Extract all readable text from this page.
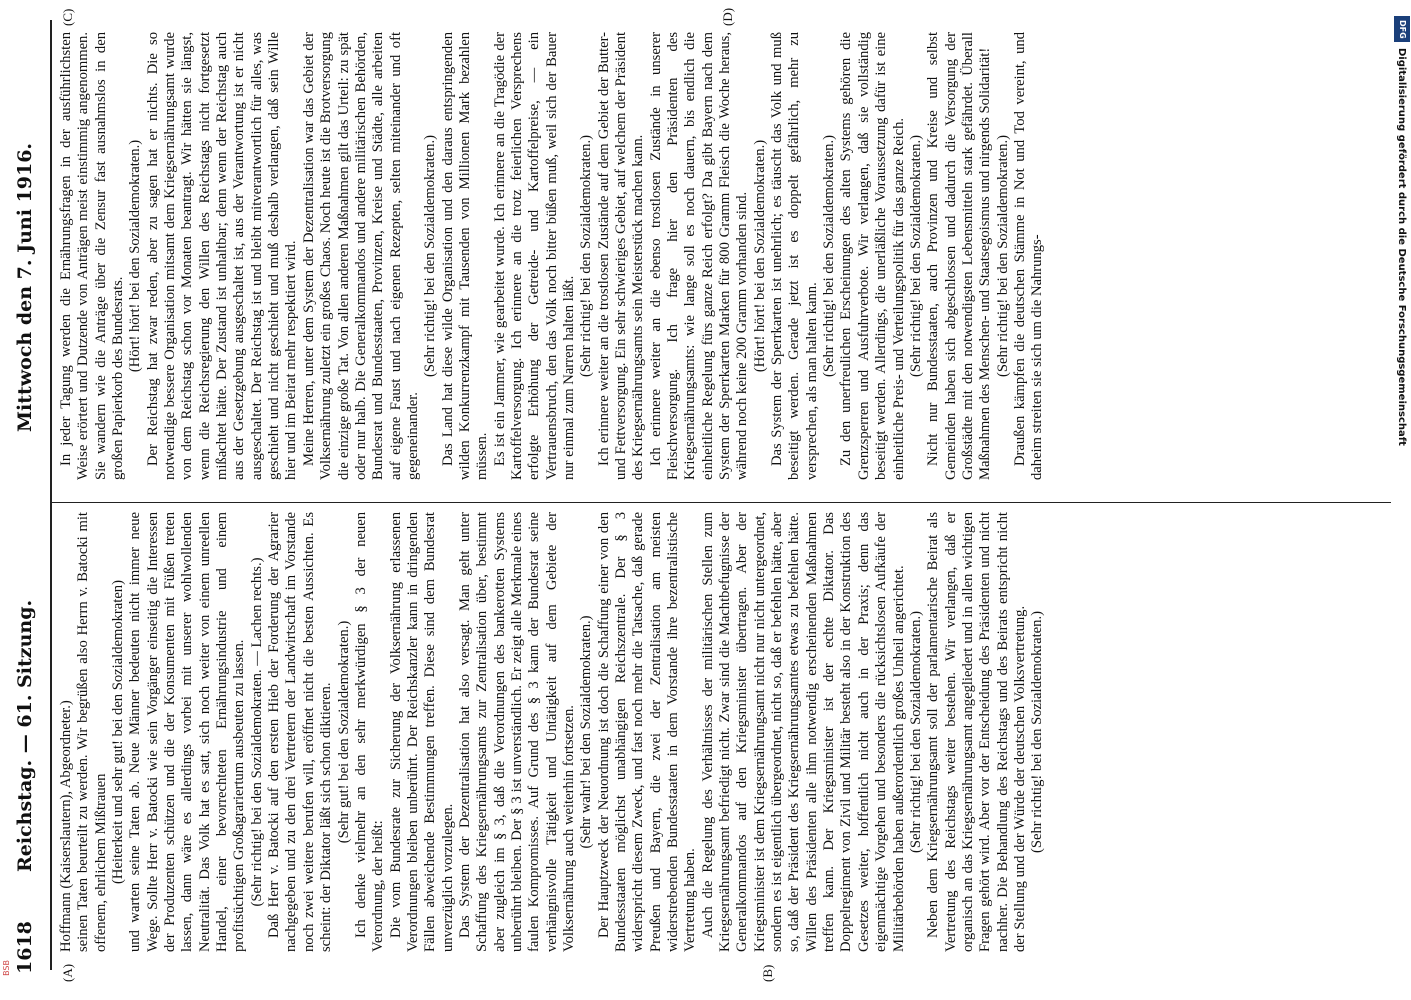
1618
Reichstag. — 61. Sitzung.
Mittwoch den 7. Juni 1916.
(A)	(B)
(C)	(D)

Hoffmann (Kaiserslautern), Abgeordneter.) seinen Taten beurteilt zu werden. Wir begrüßen also Herrn v. Batocki mit offenem, ehrlichem Mißtrauen (Heiterkeit und sehr gut! bei den Sozialdemokraten) und warten seine Taten ab. Neue Männer bedeuten nicht immer neue Wege. Sollte Herr v. Batocki wie sein Vorgänger einseitig die Interessen der Produzenten schützen und die der Konsumenten mit Füßen treten lassen, dann wäre es allerdings vorbei mit unserer wohlwollenden Neutralität. Das Volk hat es satt, sich noch weiter von einem unreellen Handel, einer bevorrechteten Ernährungsindustrie und einem profitsüchtigen Großagrariertum ausbeuten zu lassen. (Sehr richtig! bei den Sozialdemokraten. — Lachen rechts.) Daß Herr v. Batocki auf den ersten Hieb der Forderung der Agrarier nachgegeben und zu den drei Vertretern der Landwirtschaft im Vorstande noch zwei weitere berufen will, eröffnet nicht die besten Aussichten. Es scheint: der Diktator läßt sich schon diktieren. (Sehr gut! bei den Sozialdemokraten.) Ich denke vielmehr an den sehr merkwürdigen § 3 der neuen Verordnung, der heißt: Die vom Bundesrate zur Sicherung der Volksernährung erlassenen Verordnungen bleiben unberührt. Der Reichskanzler kann in dringenden Fällen abweichende Bestimmungen treffen. Diese sind dem Bundesrat unverzüglich vorzulegen. Das System der Dezentralisation hat also versagt. Man geht unter Schaffung des Kriegsernährungsamts zur Zentralisation über, bestimmt aber zugleich im § 3, daß die Verordnungen des bankerotten Systems unberührt bleiben. Der § 3 ist unverständlich. Er zeigt alle Merkmale eines faulen Kompromisses. Auf Grund des § 3 kann der Bundesrat seine verhängnisvolle Tätigkeit und Untätigkeit auf dem Gebiete der Volksernährung auch weiterhin fortsetzen. (Sehr wahr! bei den Sozialdemokraten.) Der Hauptzweck der Neuordnung ist doch die Schaffung einer von den Bundesstaaten möglichst unabhängigen Reichszentrale. Der § 3 widerspricht diesem Zweck, und fast noch mehr die Tatsache, daß gerade Preußen und Bayern, die zwei der Zentralisation am meisten widerstrebenden Bundesstaaten in dem Vorstande ihre bezentralistische Vertretung haben. Auch die Regelung des Verhältnisses der militärischen Stellen zum Kriegsernährungsamt befriedigt nicht. Zwar sind die Machtbefugnisse der Generalkommandos auf den Kriegsminister übertragen. Aber der Kriegsminister ist dem Kriegsernährungsamt nicht nur nicht untergeordnet, sondern es ist eigentlich übergeordnet, nicht so, daß er befehlen hätte, aber so, daß der Präsident des Kriegsernährungsamtes etwas zu befehlen hätte. Willen des Präsidenten alle ihm notwendig erscheinenden Maßnahmen treffen kann. Der Kriegsminister ist der echte Diktator. Das Doppelregiment von Zivil und Militär besteht also in der Konstruktion des Gesetzes weiter, hoffentlich nicht auch in der Praxis; denn das eigenmächtige Vorgehen und besonders die rücksichtslosen Aufkäufe der Militärbehörden haben außerordentlich großes Unheil angerichtet. (Sehr richtig! bei den Sozialdemokraten.) Neben dem Kriegsernährungsamt soll der parlamentarische Beirat als Vertretung des Reichstags weiter bestehen. Wir verlangen, daß er organisch an das Kriegsernährungsamt angegliedert und in allen wichtigen Fragen gehört wird. Aber vor der Entscheidung des Präsidenten und nicht nachher. Die Behandlung des Reichstags und des Beirats entspricht nicht der Stellung und der Würde der deutschen Volksvertretung. (Sehr richtig! bei den Sozialdemokraten.)

In jeder Tagung werden die Ernährungsfragen in der ausführlichsten Weise erörtert und Dutzende von Anträgen meist einstimmig angenommen. Sie wandern wie die Anträge über die Zensur fast ausnahmslos in den großen Papierkorb des Bundesrats.

(Hört! hört! bei den Sozialdemokraten.) Der Reichstag hat zwar reden, aber zu sagen hat er nichts. Die so notwendige bessere Organisation mitsamt dem Kriegsernährungsamt wurde von dem Reichstag schon vor Monaten beantragt. Wir hätten sie längst, wenn die Reichsregierung den Willen des Reichstags nicht fortgesetzt mißachtet hätte. Der Zustand ist unhaltbar; denn wenn der Reichstag auch aus der Gesetzgebung ausgeschaltet ist, aus der Verantwortung ist er nicht ausgeschaltet. Der Reichstag ist und bleibt mitverantwortlich für alles, was geschieht und nicht geschieht und muß deshalb verlangen, daß sein Wille hier und im Beirat mehr respektiert wird. Meine Herren, unter dem System der Dezentralisation war das Gebiet der Volksernährung zuletzt ein großes Chaos. Noch heute ist die Brotversorgung die einzige große Tat. Von allen anderen Maßnahmen gilt das Urteil: zu spät oder nur halb. Die Generalkommandos und andere militärischen Behörden, Bundesrat und Bundesstaaten, Provinzen, Kreise und Städte, alle arbeiten auf eigene Faust und nach eigenen Rezepten, selten miteinander und oft gegeneinander.

(Sehr richtig! bei den Sozialdemokraten.) Das Land hat diese wilde Organisation und den daraus entspringenden wilden Konkurrenzkampf mit Tausenden von Millionen Mark bezahlen müssen. Es ist ein Jammer, wie gearbeitet wurde. Ich erinnere an die Tragödie der Kartoffelversorgung. Ich erinnere an die trotz feierlichen Versprechens erfolgte Erhöhung der Getreide- und Kartoffelpreise, — ein Vertrauensbruch, den das Volk noch bitter büßen muß, weil sich der Bauer nur einmal zum Narren halten läßt.

(Sehr richtig! bei den Sozialdemokraten.) Ich erinnere weiter an die trostlosen Zustände auf dem Gebiet der Butter- und Fettversorgung. Ein sehr schwieriges Gebiet, auf welchem der Präsident des Kriegsernährungsamts sein Meisterstück machen kann. Ich erinnere weiter an die ebenso trostlosen Zustände in unserer Fleischversorgung. Ich frage hier den Präsidenten des Kriegsernährungsamts: wie lange soll es noch dauern, bis endlich die einheitliche Regelung fürs ganze Reich erfolgt? Da gibt Bayern nach dem System der Sperrkarten Marken für 800 Gramm Fleisch die Woche heraus, während noch keine 200 Gramm vorhanden sind. (Hört! hört! bei den Sozialdemokraten.) Das System der Sperrkarten ist unehrlich; es täuscht das Volk und muß beseitigt werden. Gerade jetzt ist es doppelt gefährlich, mehr zu versprechen, als man halten kann.

(Sehr richtig! bei den Sozialdemokraten.) Zu den unerfreulichen Erscheinungen des alten Systems gehören die Grenzsperren und Ausfuhrverbote. Wir verlangen, daß sie vollständig beseitigt werden. Allerdings, die unerläßliche Voraussetzung dafür ist eine einheitliche Preis- und Verteilungspolitik für das ganze Reich. (Sehr richtig! bei den Sozialdemokraten.) Nicht nur Bundesstaaten, auch Provinzen und Kreise und selbst Gemeinden haben sich abgeschlossen und dadurch die Versorgung der Großstädte mit den notwendigsten Lebensmitteln stark gefährdet. Überall Maßnahmen des Menschen- und Staatsegoismus und nirgends Solidarität! (Sehr richtig! bei den Sozialdemokraten.) Draußen kämpfen die deutschen Stämme in Not und Tod vereint, und daheim streiten sie sich um die Nahrungs-

DFG
Digitalisierung gefördert durch die Deutsche Forschungsgemeinschaft
BSB
